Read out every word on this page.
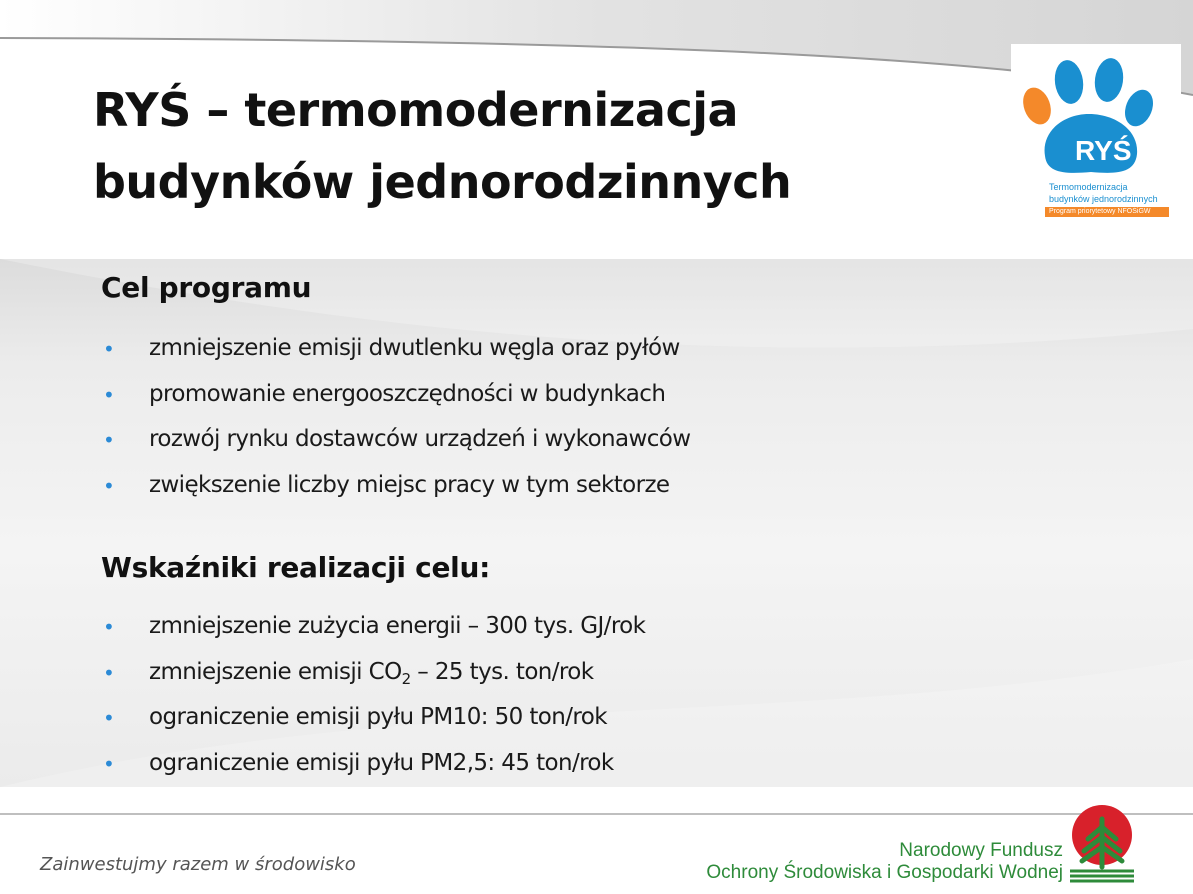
RYŚ – termomodernizacja
budynków jednorodzinnych
RYŚ
Termomodernizacja
budynków jednorodzinnych
Program priorytetowy NFOŚiGW
Cel programu
• zmniejszenie emisji dwutlenku węgla oraz pyłów
• promowanie energooszczędności w budynkach
• rozwój rynku dostawców urządzeń i wykonawców
• zwiększenie liczby miejsc pracy w tym sektorze
Wskaźniki realizacji celu:
• zmniejszenie zużycia energii – 300 tys. GJ/rok
• zmniejszenie emisji $CO_2 - 25$ tys. ton/rok
• ograniczenie emisji pyłu PM10: 50 ton/rok
• ograniczenie emisji pyłu PM2,5: 45 ton/rok

Zainwestujmy razem w środowisko

Narodowy Fundusz
Ochrony Środowiska i Gospodarki Wodnej
